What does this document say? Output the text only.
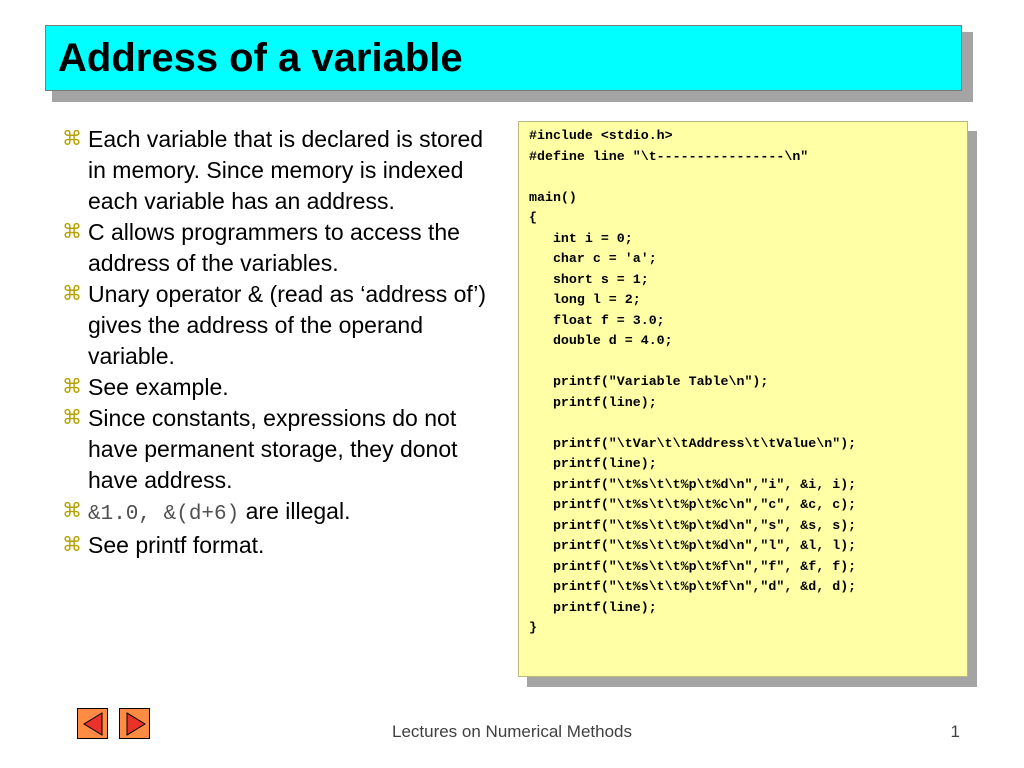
Address of a variable
⌘ Each variable that is declared is stored in memory. Since memory is indexed each variable has an address.
⌘ C allows programmers to access the address of the variables.
⌘ Unary operator & (read as ‘address of’) gives the address of the operand variable.
⌘ See example.
⌘ Since constants, expressions do not have permanent storage, they donot have address.
⌘ &1.0, &(d+6) are illegal.
⌘ See printf format.
#include <stdio.h>
#define line "\t----------------\n"

main()
{
int i = 0;
char c = 'a';
short s = 1;
long l = 2;
float f = 3.0;
double d = 4.0;

printf("Variable Table\n");
printf(line);

printf("\tVar\t\tAddress\t\tValue\n");
printf(line);
printf("\t%s\t\t%p\t%d\n","i", &i, i);
printf("\t%s\t\t%p\t%c\n","c", &c, c);
printf("\t%s\t\t%p\t%d\n","s", &s, s);
printf("\t%s\t\t%p\t%d\n","l", &l, l);
printf("\t%s\t\t%p\t%f\n","f", &f, f);
printf("\t%s\t\t%p\t%f\n","d", &d, d);
printf(line);
}
Lectures on Numerical Methods	1
